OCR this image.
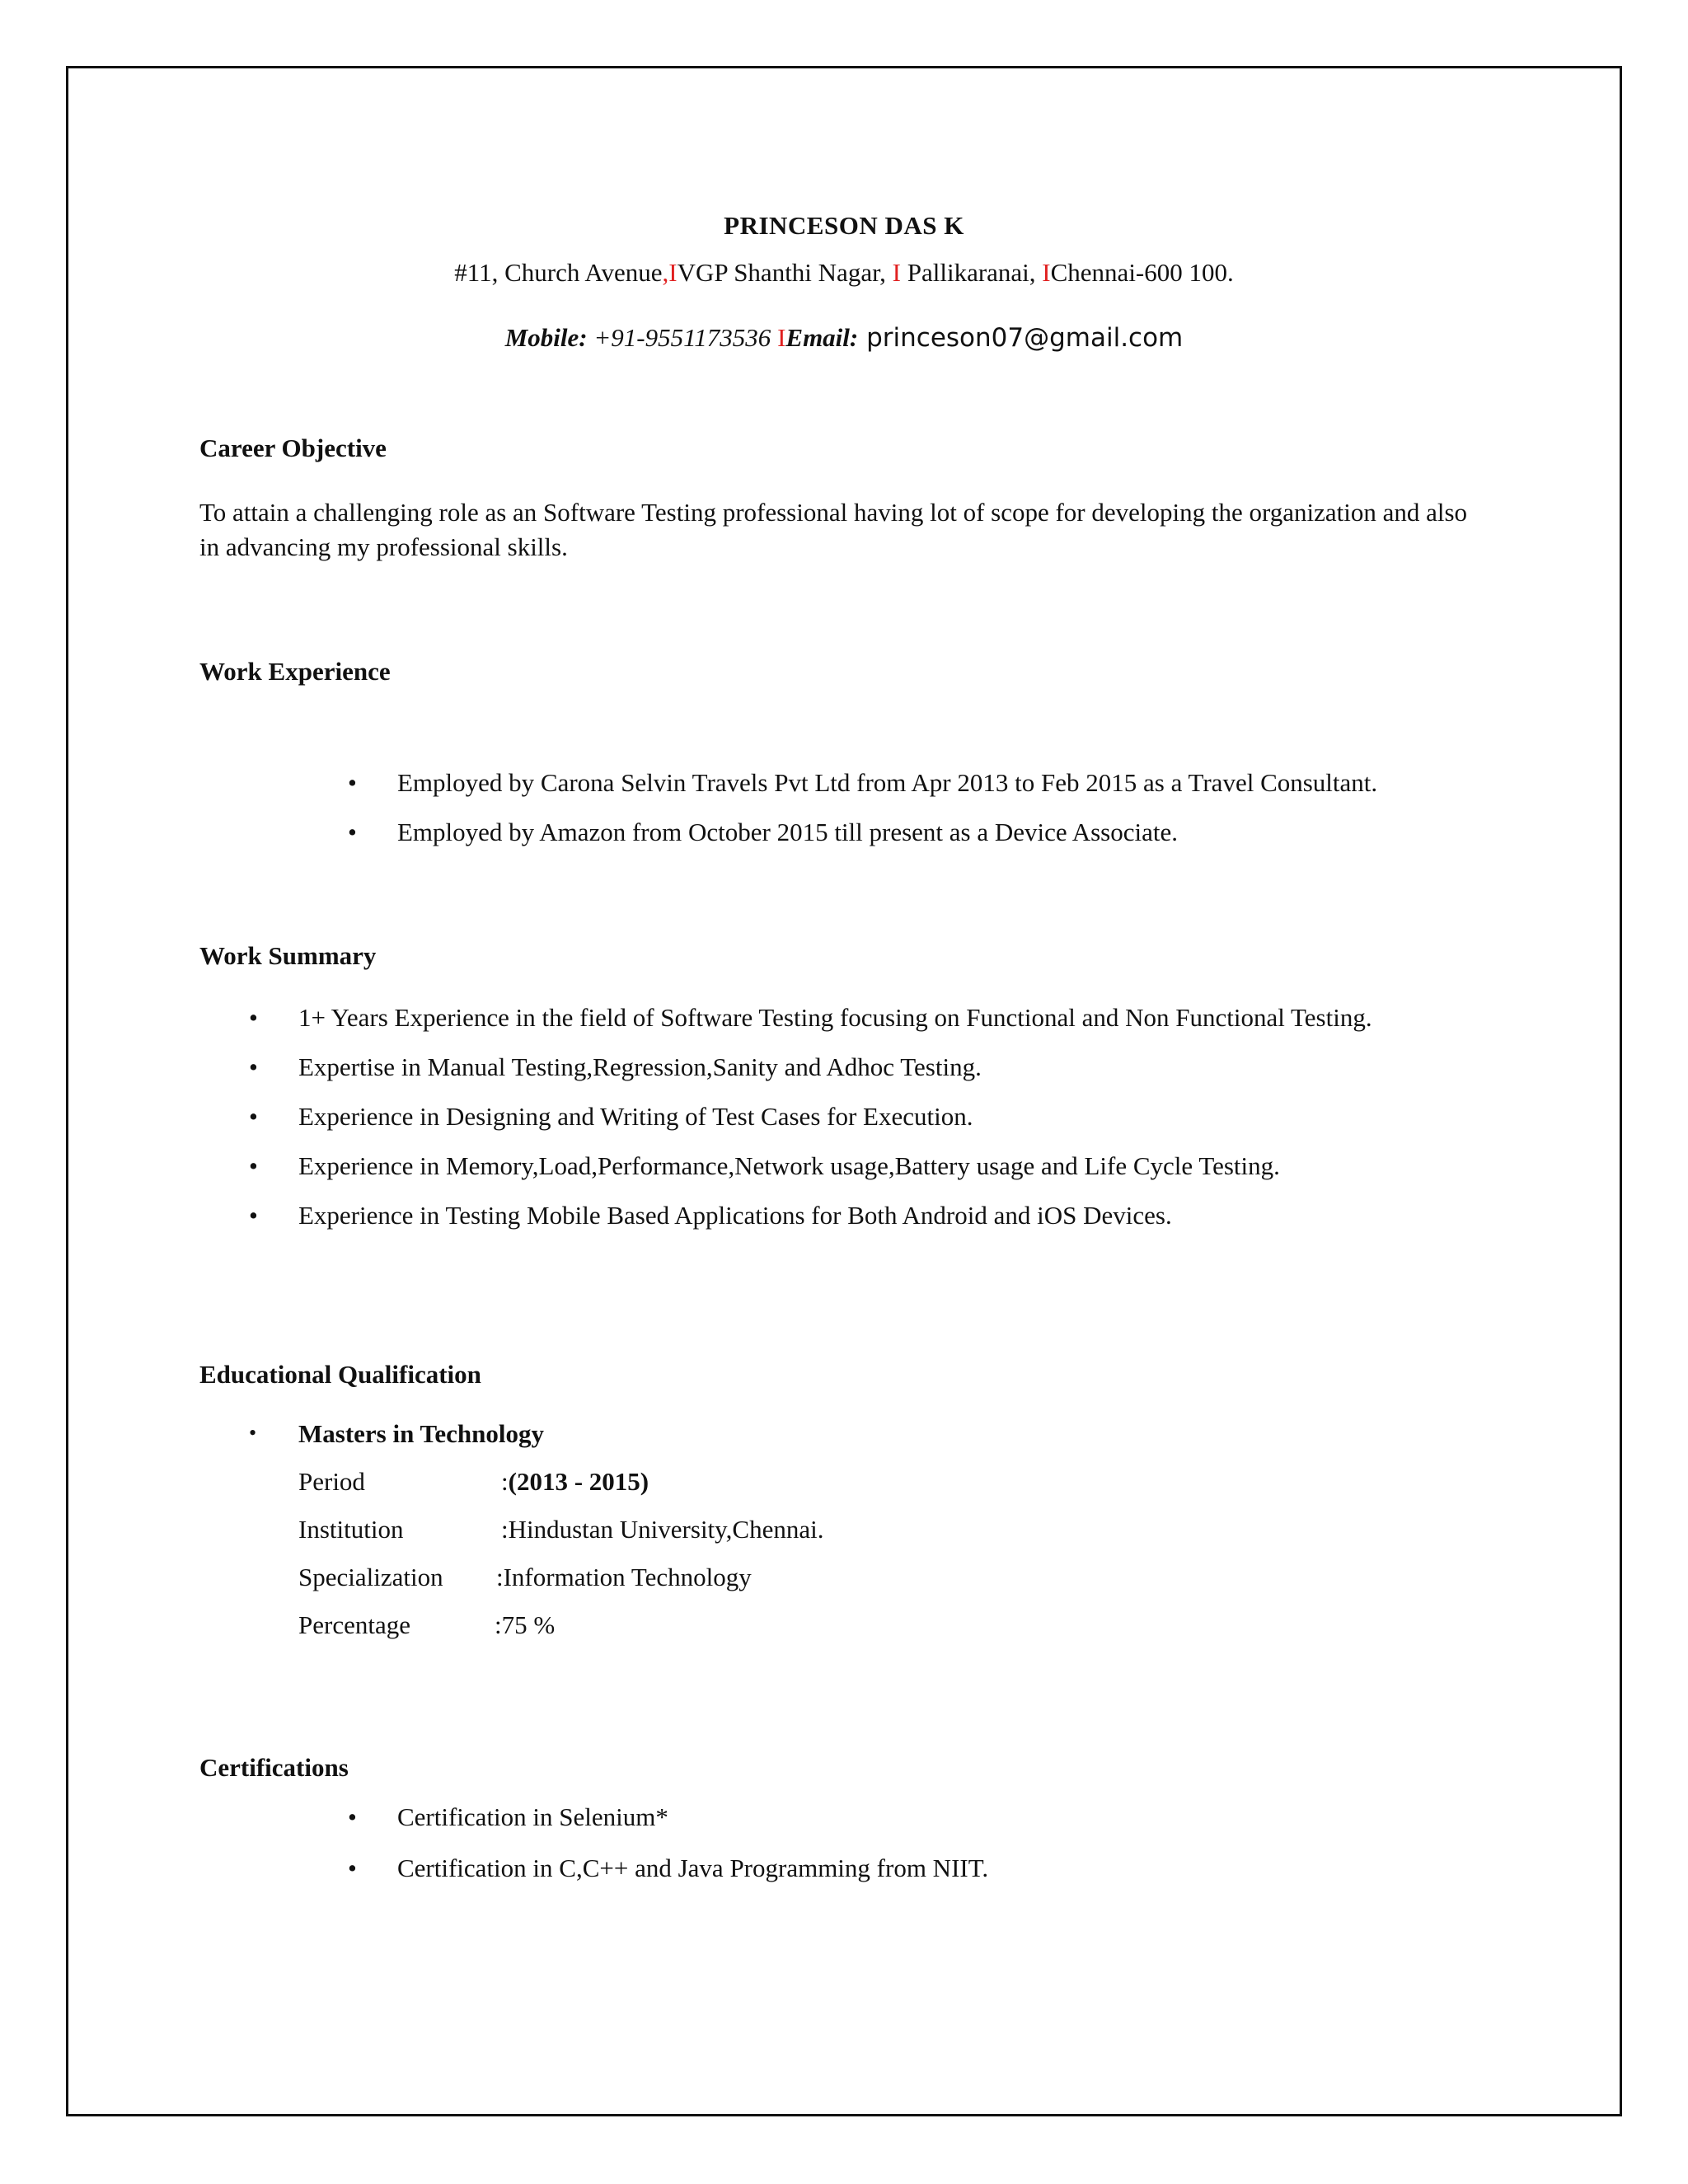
PRINCESON DAS K
#11, Church Avenue,IVGP Shanthi Nagar, I Pallikaranai, IChennai-600 100.
Mobile: +91-9551173536 IEmail: princeson07@gmail.com
Career Objective
To attain a challenging role as an Software Testing professional having lot of scope for developing the organization and also in advancing my professional skills.
Work Experience
• Employed by Carona Selvin Travels Pvt Ltd from Apr 2013 to Feb 2015 as a Travel Consultant.
• Employed by Amazon from October 2015 till present as a Device Associate.
Work Summary
• 1+ Years Experience in the field of Software Testing focusing on Functional and Non Functional Testing.
• Expertise in Manual Testing,Regression,Sanity and Adhoc Testing.
• Experience in Designing and Writing of Test Cases for Execution.
• Experience in Memory,Load,Performance,Network usage,Battery usage and Life Cycle Testing.
• Experience in Testing Mobile Based Applications for Both Android and iOS Devices.
Educational Qualification
• Masters in Technology
Period	:(2013 - 2015)
Institution	:Hindustan University,Chennai.
Specialization :Information Technology
Percentage	:75 %
Certifications
• Certification in Selenium*
• Certification in C,C++ and Java Programming from NIIT.
